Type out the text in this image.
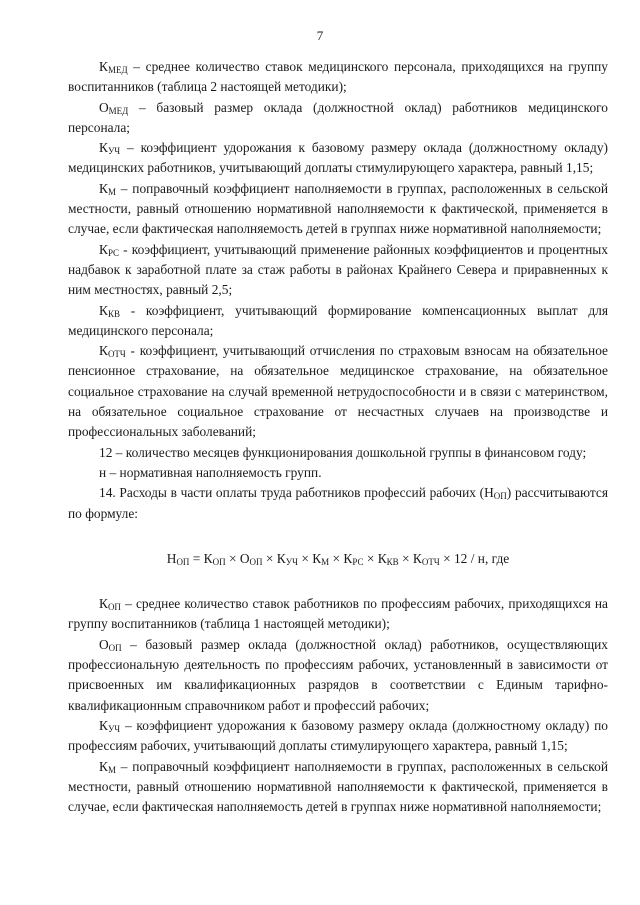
7

$К_{МЕД}$ – среднее количество ставок медицинского персонала, приходящихся на группу воспитанников (таблица 2 настоящей методики);

$О_{МЕД}$ – базовый размер оклада (должностной оклад) работников медицинского персонала;

$К_{УЧ}$ – коэффициент удорожания к базовому размеру оклада (должностному окладу) медицинских работников, учитывающий доплаты стимулирующего характера, равный 1,15;

$К_М$ – поправочный коэффициент наполняемости в группах, расположенных в сельской местности, равный отношению нормативной наполняемости к фактической, применяется в случае, если фактическая наполняемость детей в группах ниже нормативной наполняемости;

$К_{РС}$ - коэффициент, учитывающий применение районных коэффициентов и процентных надбавок к заработной плате за стаж работы в районах Крайнего Севера и приравненных к ним местностях, равный 2,5;

$К_{КВ}$ - коэффициент, учитывающий формирование компенсационных выплат для медицинского персонала;

$К_{ОТЧ}$ - коэффициент, учитывающий отчисления по страховым взносам на обязательное пенсионное страхование, на обязательное медицинское страхование, на обязательное социальное страхование на случай временной нетрудоспособности и в связи с материнством, на обязательное социальное страхование от несчастных случаев на производстве и профессиональных заболеваний;

12 – количество месяцев функционирования дошкольной группы в финансовом году;

н – нормативная наполняемость групп.

14. Расходы в части оплаты труда работников профессий рабочих $(Н_{ОП})$ рассчитываются по формуле:

$Н_{ОП} = К_{ОП} \times О_{ОП} \times К_{УЧ} \times К_М \times К_{РС} \times К_{КВ} \times К_{ОТЧ} \times 12 / н$, где

$К_{ОП}$ – среднее количество ставок работников по профессиям рабочих, приходящихся на группу воспитанников (таблица 1 настоящей методики);

$О_{ОП}$ – базовый размер оклада (должностной оклад) работников, осуществляющих профессиональную деятельность по профессиям рабочих, установленный в зависимости от присвоенных им квалификационных разрядов в соответствии с Единым тарифно-квалификационным справочником работ и профессий рабочих;

$К_{УЧ}$ – коэффициент удорожания к базовому размеру оклада (должностному окладу) по профессиям рабочих, учитывающий доплаты стимулирующего характера, равный 1,15;

$К_М$ – поправочный коэффициент наполняемости в группах, расположенных в сельской местности, равный отношению нормативной наполняемости к фактической, применяется в случае, если фактическая наполняемость детей в группах ниже нормативной наполняемости;
